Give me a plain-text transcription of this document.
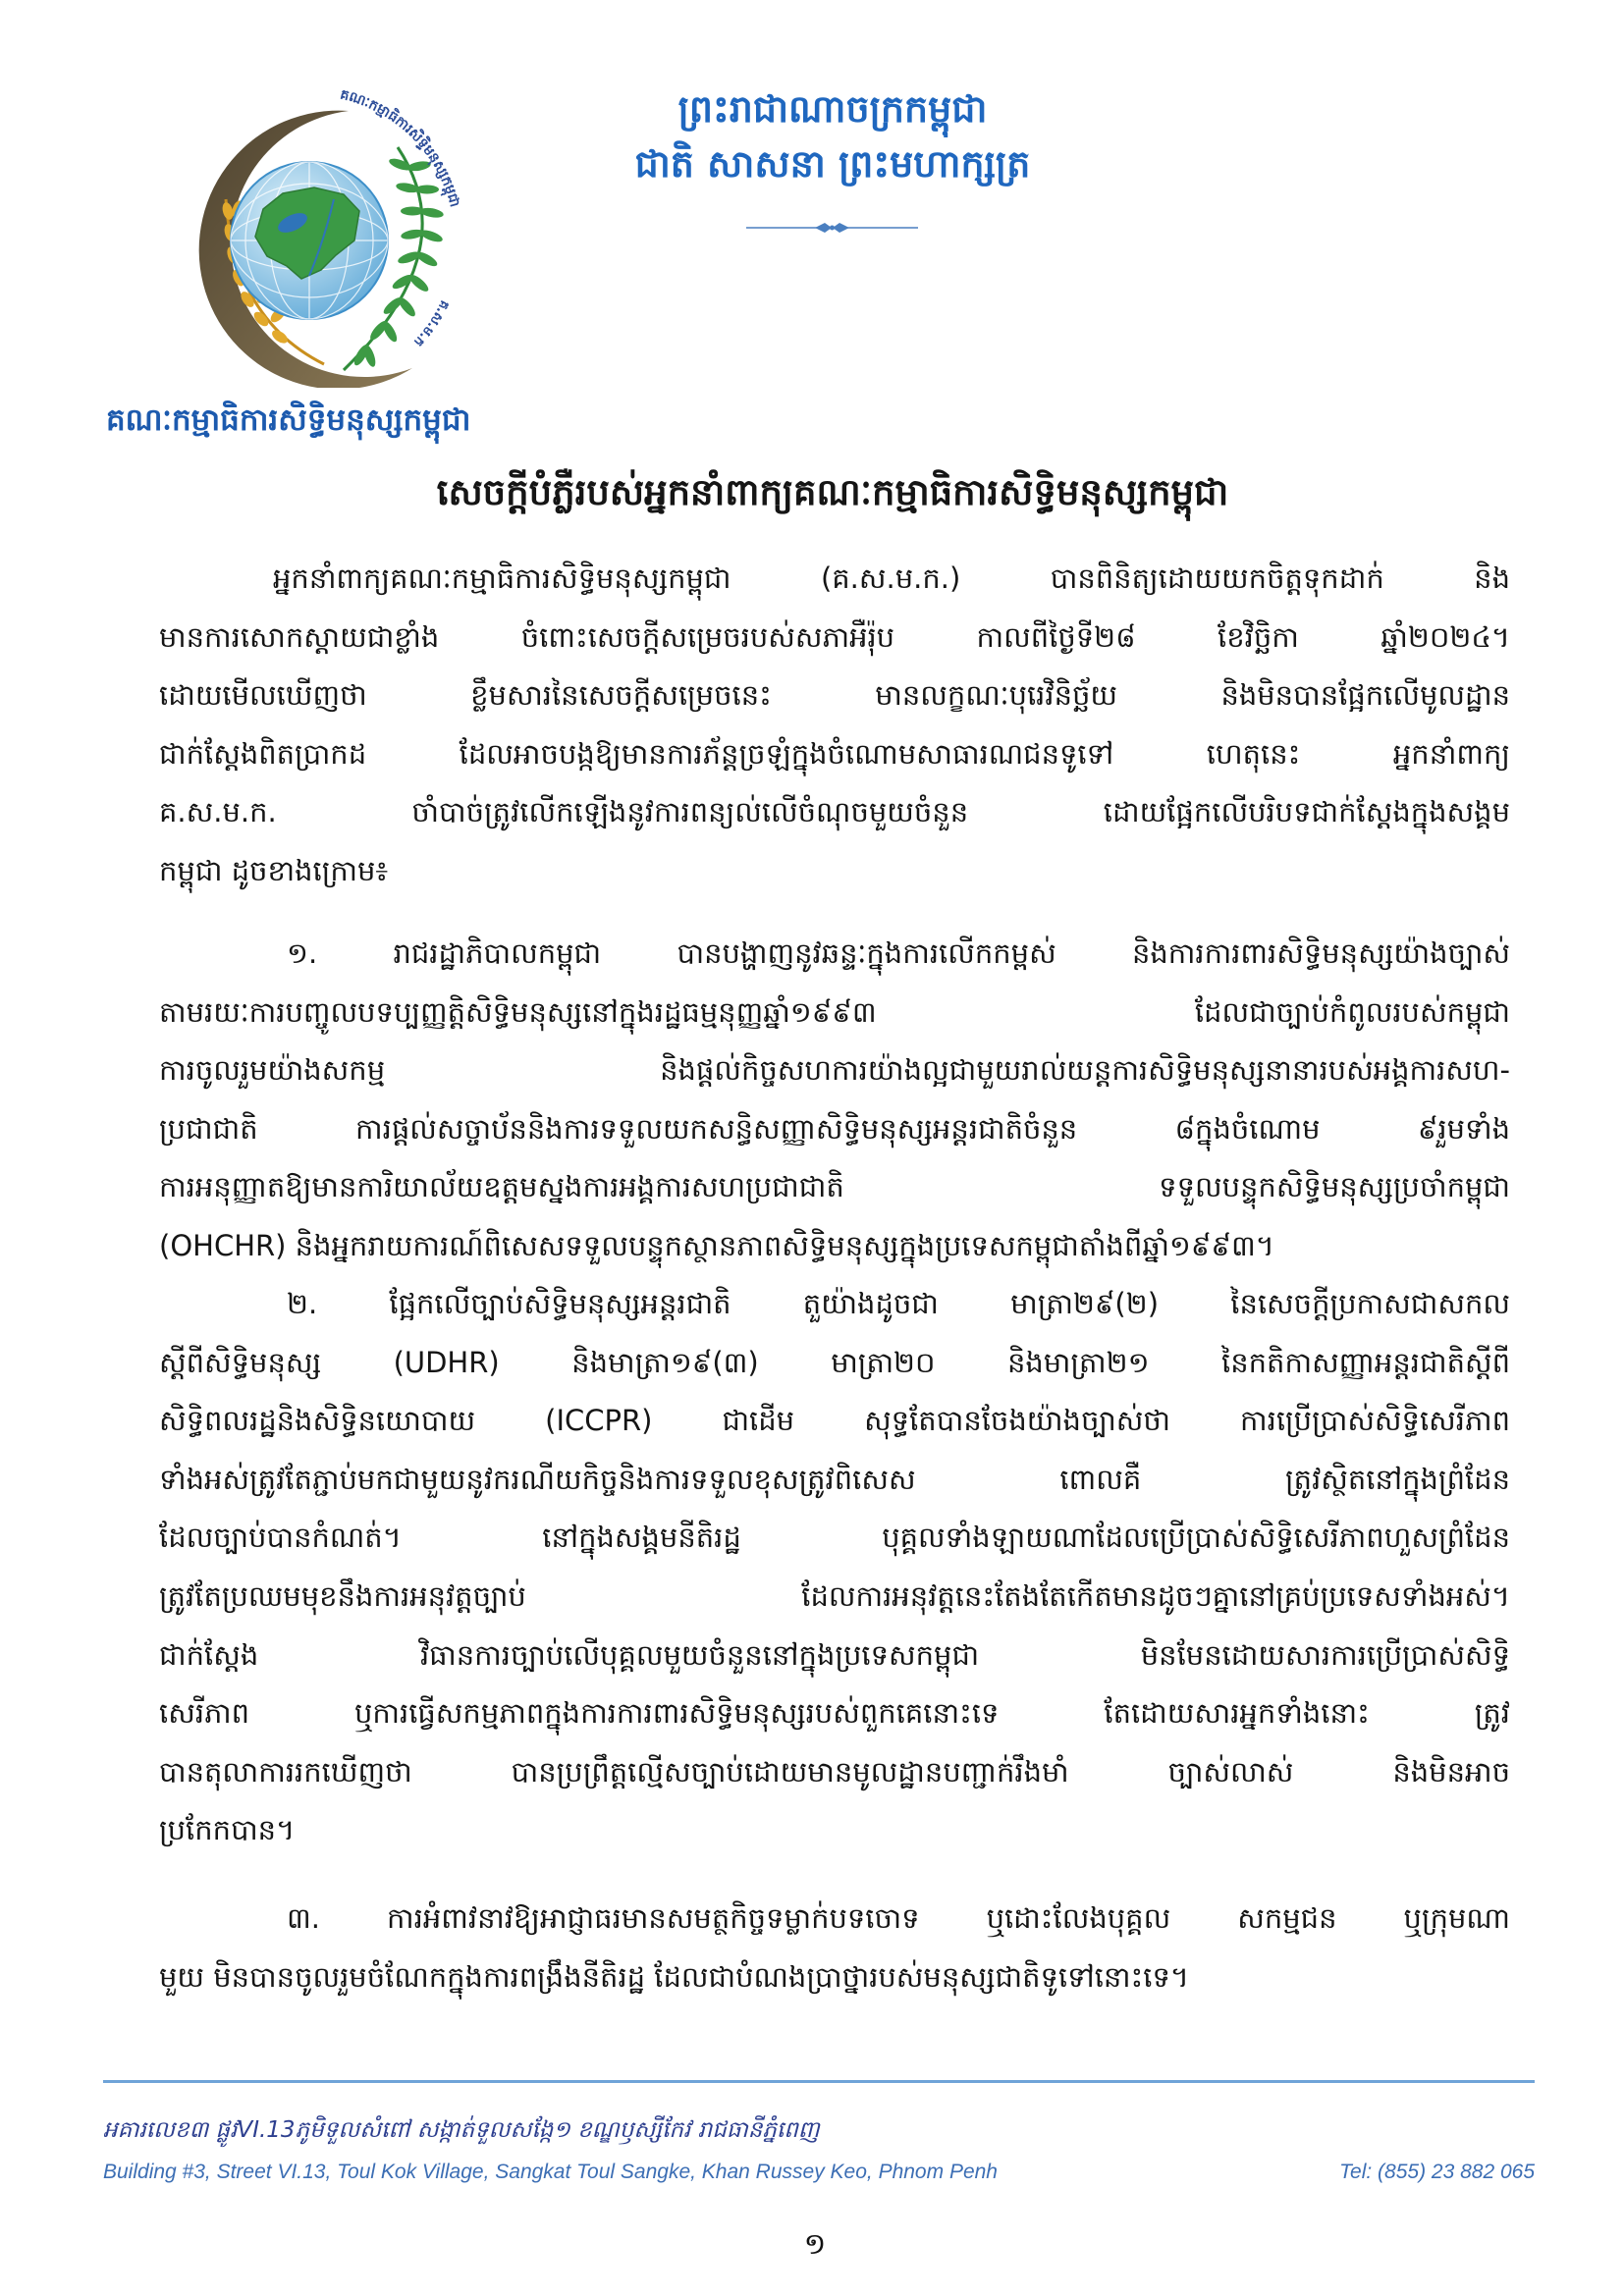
ព្រះរាជាណាចក្រកម្ពុជា
ជាតិ សាសនា ព្រះមហាក្សត្រ
គណៈកម្មាធិការសិទ្ធិមនុស្សកម្ពុជា
គ.ស.ម.ក
គណៈកម្មាធិការសិទ្ធិមនុស្សកម្ពុជា
សេចក្តីបំភ្លឺរបស់អ្នកនាំពាក្យគណៈកម្មាធិការសិទ្ធិមនុស្សកម្ពុជា
អ្នកនាំពាក្យគណៈកម្មាធិការសិទ្ធិមនុស្សកម្ពុជា (គ.ស.ម.ក.) បានពិនិត្យដោយយកចិត្តទុកដាក់ និង
មានការសោកស្តាយជាខ្លាំង ចំពោះសេចក្តីសម្រេចរបស់សភាអឺរ៉ុប កាលពីថ្ងៃទី២៨ ខែវិច្ឆិកា ឆ្នាំ២០២៤។
ដោយមើលឃើញថា ខ្លឹមសារនៃសេចក្តីសម្រេចនេះ មានលក្ខណៈបុរេវិនិច្ឆ័យ និងមិនបានផ្អែកលើមូលដ្ឋាន
ជាក់ស្តែងពិតប្រាកដ ដែលអាចបង្កឱ្យមានការភ័ន្តច្រឡំក្នុងចំណោមសាធារណជនទូទៅ ហេតុនេះ អ្នកនាំពាក្យ
គ.ស.ម.ក. ចាំបាច់ត្រូវលើកឡើងនូវការពន្យល់លើចំណុចមួយចំនួន ដោយផ្អែកលើបរិបទជាក់ស្តែងក្នុងសង្គម
កម្ពុជា ដូចខាងក្រោម៖
១. រាជរដ្ឋាភិបាលកម្ពុជា បានបង្ហាញនូវឆន្ទៈក្នុងការលើកកម្ពស់ និងការការពារសិទ្ធិមនុស្សយ៉ាងច្បាស់
តាមរយៈការបញ្ចូលបទប្បញ្ញត្តិសិទ្ធិមនុស្សនៅក្នុងរដ្ឋធម្មនុញ្ញឆ្នាំ១៩៩៣ ដែលជាច្បាប់កំពូលរបស់កម្ពុជា
ការចូលរួមយ៉ាងសកម្ម និងផ្តល់កិច្ចសហការយ៉ាងល្អជាមួយរាល់យន្តការសិទ្ធិមនុស្សនានារបស់អង្គការសហ-
ប្រជាជាតិ ការផ្តល់សច្ចាប័ននិងការទទួលយកសន្ធិសញ្ញាសិទ្ធិមនុស្សអន្តរជាតិចំនួន ៨ក្នុងចំណោម ៩រួមទាំង
ការអនុញ្ញាតឱ្យមានការិយាល័យឧត្តមស្នងការអង្គការសហប្រជាជាតិ ទទួលបន្ទុកសិទ្ធិមនុស្សប្រចាំកម្ពុជា
(OHCHR) និងអ្នករាយការណ៍ពិសេសទទួលបន្ទុកស្ថានភាពសិទ្ធិមនុស្សក្នុងប្រទេសកម្ពុជាតាំងពីឆ្នាំ១៩៩៣។
២. ផ្អែកលើច្បាប់សិទ្ធិមនុស្សអន្តរជាតិ តួយ៉ាងដូចជា មាត្រា២៩(២) នៃសេចក្តីប្រកាសជាសកល
ស្តីពីសិទ្ធិមនុស្ស (UDHR) និងមាត្រា១៩(៣) មាត្រា២០ និងមាត្រា២១ នៃកតិកាសញ្ញាអន្តរជាតិស្តីពី
សិទ្ធិពលរដ្ឋនិងសិទ្ធិនយោបាយ (ICCPR) ជាដើម សុទ្ធតែបានចែងយ៉ាងច្បាស់ថា ការប្រើប្រាស់សិទ្ធិសេរីភាព
ទាំងអស់ត្រូវតែភ្ជាប់មកជាមួយនូវករណីយកិច្ចនិងការទទួលខុសត្រូវពិសេស ពោលគឺ ត្រូវស្ថិតនៅក្នុងព្រំដែន
ដែលច្បាប់បានកំណត់។ នៅក្នុងសង្គមនីតិរដ្ឋ បុគ្គលទាំងឡាយណាដែលប្រើប្រាស់សិទ្ធិសេរីភាពហួសព្រំដែន
ត្រូវតែប្រឈមមុខនឹងការអនុវត្តច្បាប់ ដែលការអនុវត្តនេះតែងតែកើតមានដូចៗគ្នានៅគ្រប់ប្រទេសទាំងអស់។
ជាក់ស្តែង វិធានការច្បាប់លើបុគ្គលមួយចំនួននៅក្នុងប្រទេសកម្ពុជា មិនមែនដោយសារការប្រើប្រាស់សិទ្ធិ
សេរីភាព ឬការធ្វើសកម្មភាពក្នុងការការពារសិទ្ធិមនុស្សរបស់ពួកគេនោះទេ តែដោយសារអ្នកទាំងនោះ ត្រូវ
បានតុលាការរកឃើញថា បានប្រព្រឹត្តល្មើសច្បាប់ដោយមានមូលដ្ឋានបញ្ជាក់រឹងមាំ ច្បាស់លាស់ និងមិនអាច
ប្រកែកបាន។
៣. ការអំពាវនាវឱ្យអាជ្ញាធរមានសមត្ថកិច្ចទម្លាក់បទចោទ ឬដោះលែងបុគ្គល សកម្មជន ឬក្រុមណា
មួយ មិនបានចូលរួមចំណែកក្នុងការពង្រឹងនីតិរដ្ឋ ដែលជាបំណងប្រាថ្នារបស់មនុស្សជាតិទូទៅនោះទេ។
អគារលេខ៣ ផ្លូវVI.13ភូមិទួលសំពៅ សង្កាត់ទួលសង្កែ១ ខណ្ឌឫស្សីកែវ រាជធានីភ្នំពេញ
Building #3, Street VI.13, Toul Kok Village, Sangkat Toul Sangke, Khan Russey Keo, Phnom Penh	Tel: (855) 23 882 065
១
